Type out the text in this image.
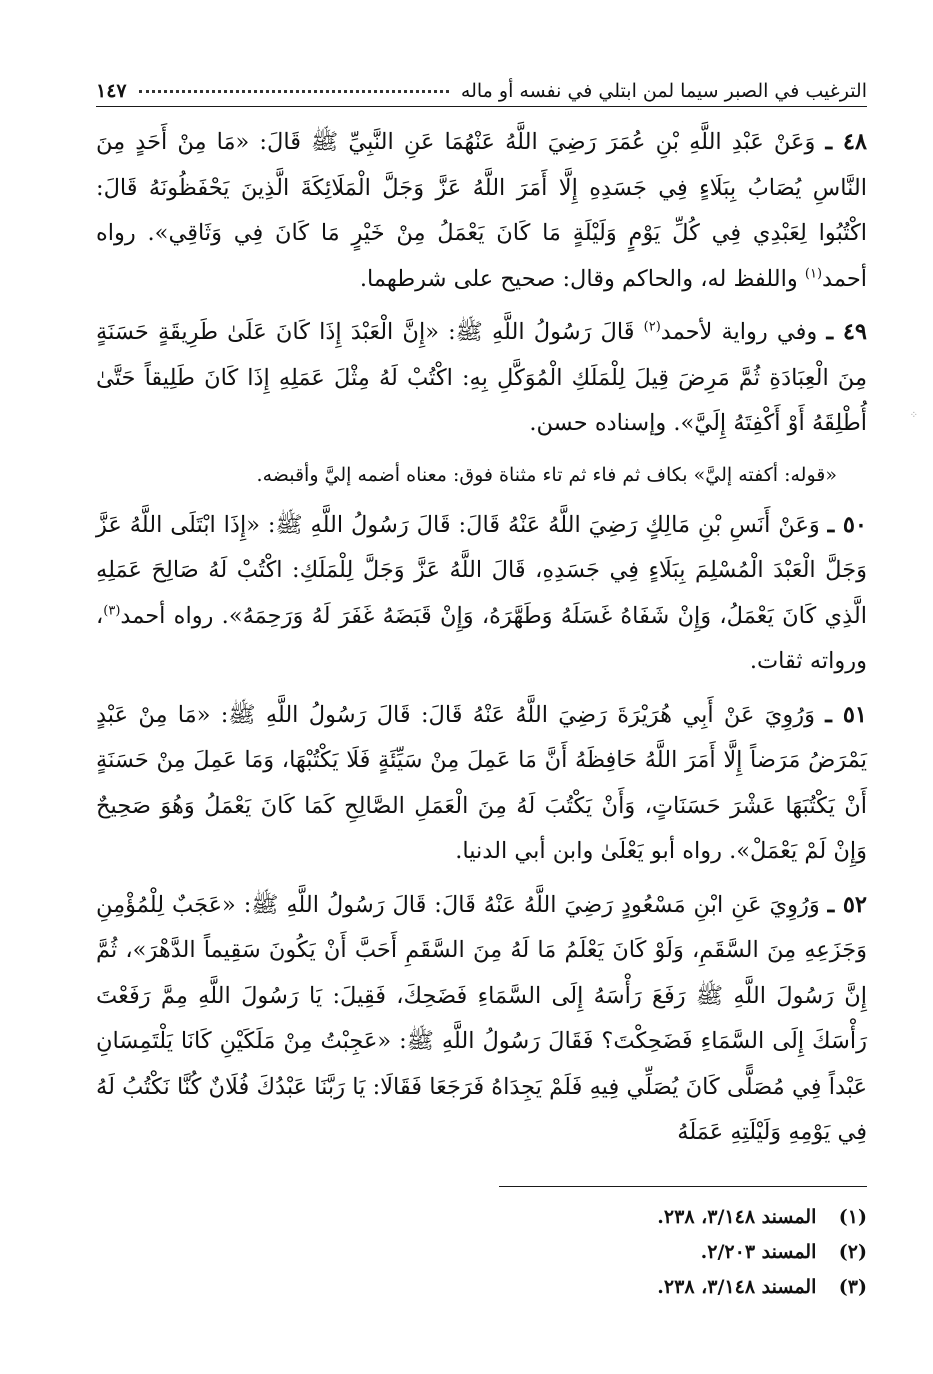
الترغيب في الصبر سيما لمن ابتلي في نفسه أو ماله
١٤٧

٤٨ ـ وَعَنْ عَبْدِ اللَّهِ بْنِ عُمَرَ رَضِيَ اللَّهُ عَنْهُمَا عَنِ النَّبِيِّ ﷺ قَالَ: «مَا مِنْ أَحَدٍ مِنَ النَّاسِ يُصَابُ بِبَلَاءٍ فِي جَسَدِهِ إِلَّا أَمَرَ اللَّهُ عَزَّ وَجَلَّ الْمَلَائِكَةَ الَّذِينَ يَحْفَظُونَهُ قَالَ: اكْتُبُوا لِعَبْدِي فِي كُلِّ يَوْمٍ وَلَيْلَةٍ مَا كَانَ يَعْمَلُ مِنْ خَيْرٍ مَا كَانَ فِي وَثَاقِي». رواه أحمد$^{(١)}$ واللفظ له، والحاكم وقال: صحيح على شرطهما.

٤٩ ـ وفي رواية لأحمد$^{(٢)}$ قَالَ رَسُولُ اللَّهِ ﷺ: «إِنَّ الْعَبْدَ إِذَا كَانَ عَلَىٰ طَرِيقَةٍ حَسَنَةٍ مِنَ الْعِبَادَةِ ثُمَّ مَرِضَ قِيلَ لِلْمَلَكِ الْمُوَكَّلِ بِهِ: اكْتُبْ لَهُ مِثْلَ عَمَلِهِ إِذَا كَانَ طَلِيقاً حَتَّىٰ أُطْلِقَهُ أَوْ أَكْفِتَهُ إِلَيَّ». وإسناده حسن.

«قوله: أكفته إليَّ» بكاف ثم فاء ثم تاء مثناة فوق: معناه أضمه إليَّ وأقبضه.

٥٠ ـ وَعَنْ أَنَسِ بْنِ مَالِكٍ رَضِيَ اللَّهُ عَنْهُ قَالَ: قَالَ رَسُولُ اللَّهِ ﷺ: «إِذَا ابْتَلَى اللَّهُ عَزَّ وَجَلَّ الْعَبْدَ الْمُسْلِمَ بِبَلَاءٍ فِي جَسَدِهِ، قَالَ اللَّهُ عَزَّ وَجَلَّ لِلْمَلَكِ: اكْتُبْ لَهُ صَالِحَ عَمَلِهِ الَّذِي كَانَ يَعْمَلُ، وَإِنْ شَفَاهُ غَسَلَهُ وَطَهَّرَهُ، وَإِنْ قَبَضَهُ غَفَرَ لَهُ وَرَحِمَهُ». رواه أحمد$^{(٣)}$، ورواته ثقات.

٥١ ـ وَرُوِيَ عَنْ أَبِي هُرَيْرَةَ رَضِيَ اللَّهُ عَنْهُ قَالَ: قَالَ رَسُولُ اللَّهِ ﷺ: «مَا مِنْ عَبْدٍ يَمْرَضُ مَرَضاً إِلَّا أَمَرَ اللَّهُ حَافِظَهُ أَنَّ مَا عَمِلَ مِنْ سَيِّئَةٍ فَلَا يَكْتُبْهَا، وَمَا عَمِلَ مِنْ حَسَنَةٍ أَنْ يَكْتُبَهَا عَشْرَ حَسَنَاتٍ، وَأَنْ يَكْتُبَ لَهُ مِنَ الْعَمَلِ الصَّالِحِ كَمَا كَانَ يَعْمَلُ وَهُوَ صَحِيحٌ وَإِنْ لَمْ يَعْمَلْ». رواه أبو يَعْلَىٰ وابن أبي الدنيا.

٥٢ ـ وَرُوِيَ عَنِ ابْنِ مَسْعُودٍ رَضِيَ اللَّهُ عَنْهُ قَالَ: قَالَ رَسُولُ اللَّهِ ﷺ: «عَجَبٌ لِلْمُؤْمِنِ وَجَزَعِهِ مِنَ السَّقَمِ، وَلَوْ كَانَ يَعْلَمُ مَا لَهُ مِنَ السَّقَمِ أَحَبَّ أَنْ يَكُونَ سَقِيماً الدَّهْرَ»، ثُمَّ إِنَّ رَسُولَ اللَّهِ ﷺ رَفَعَ رَأْسَهُ إِلَى السَّمَاءِ فَضَحِكَ، فَقِيلَ: يَا رَسُولَ اللَّهِ مِمَّ رَفَعْتَ رَأْسَكَ إِلَى السَّمَاءِ فَضَحِكْتَ؟ فَقَالَ رَسُولُ اللَّهِ ﷺ: «عَجِبْتُ مِنْ مَلَكَيْنِ كَانَا يَلْتَمِسَانِ عَبْداً فِي مُصَلًّى كَانَ يُصَلِّي فِيهِ فَلَمْ يَجِدَاهُ فَرَجَعَا فَقَالَا: يَا رَبَّنَا عَبْدُكَ فُلَانٌ كُنَّا نَكْتُبُ لَهُ فِي يَوْمِهِ وَلَيْلَتِهِ عَمَلَهُ

(١) المسند ٣/١٤٨، ٢٣٨.
(٢) المسند ٢/٢٠٣.
(٣) المسند ٣/١٤٨، ٢٣٨.
⁘
